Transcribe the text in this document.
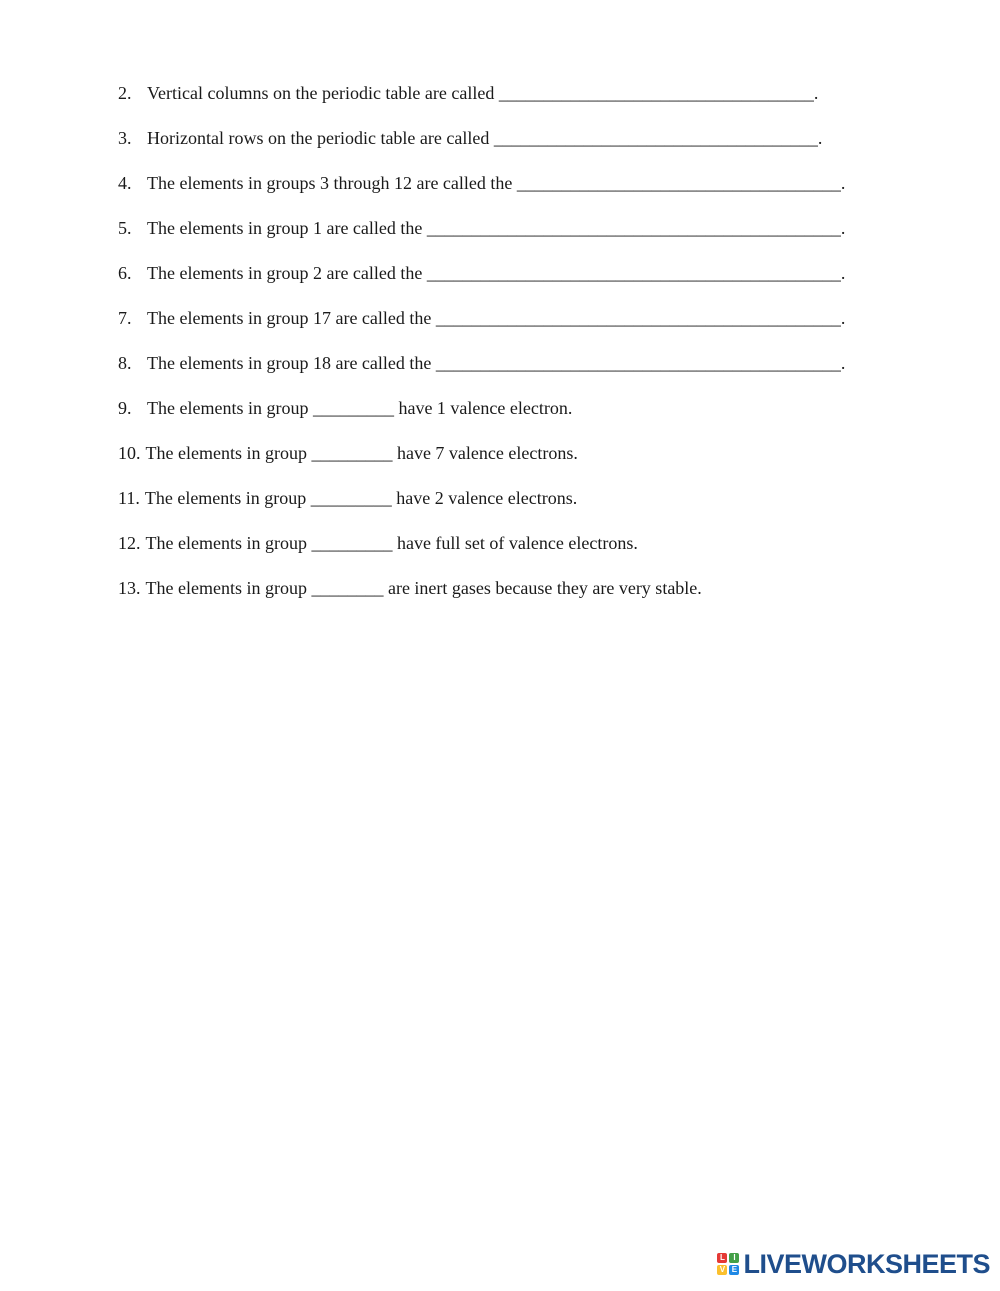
2. Vertical columns on the periodic table are called ___________________________________.
3. Horizontal rows on the periodic table are called ____________________________________.
4. The elements in groups 3 through 12 are called the ____________________________________.
5. The elements in group 1 are called the ______________________________________________.
6. The elements in group 2 are called the ______________________________________________.
7. The elements in group 17 are called the _____________________________________________.
8. The elements in group 18 are called the _____________________________________________.
9. The elements in group _________ have 1 valence electron.
10. The elements in group _________ have 7 valence electrons.
11. The elements in group _________ have 2 valence electrons.
12. The elements in group _________ have full set of valence electrons.
13. The elements in group ________ are inert gases because they are very stable.
L	I
V E LIVEWORKSHEETS
